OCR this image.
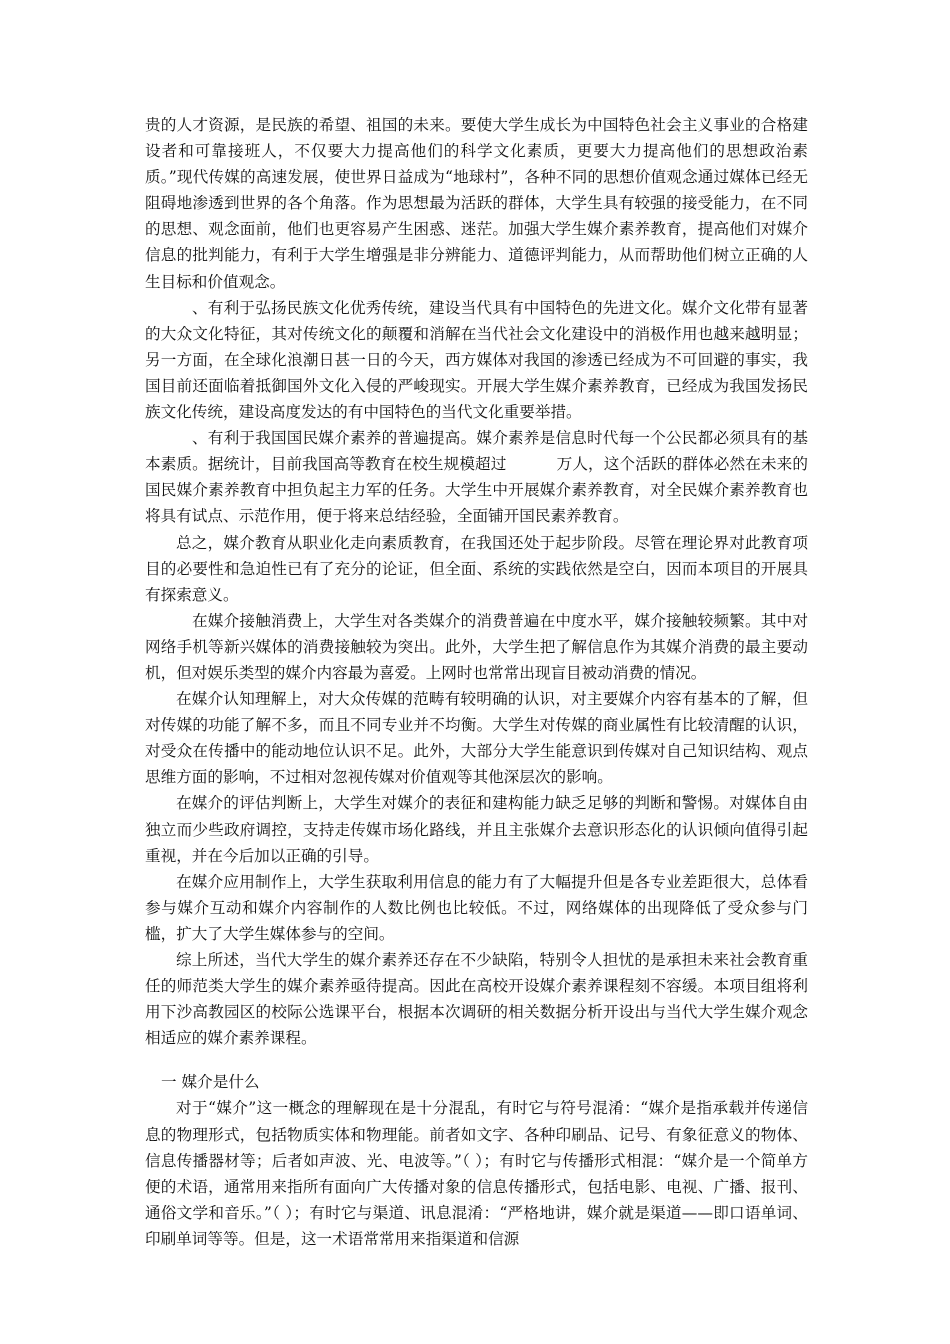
贵的人才资源，是民族的希望、祖国的未来。要使大学生成长为中国特色社会主义事业的合格建设者和可靠接班人，不仅要大力提高他们的科学文化素质，更要大力提高他们的思想政治素质。”现代传媒的高速发展，使世界日益成为“地球村”，各种不同的思想价值观念通过媒体已经无阻碍地渗透到世界的各个角落。作为思想最为活跃的群体，大学生具有较强的接受能力，在不同的思想、观念面前，他们也更容易产生困惑、迷茫。加强大学生媒介素养教育，提高他们对媒介信息的批判能力，有利于大学生增强是非分辨能力、道德评判能力，从而帮助他们树立正确的人生目标和价值观念。

、有利于弘扬民族文化优秀传统，建设当代具有中国特色的先进文化。媒介文化带有显著的大众文化特征，其对传统文化的颠覆和消解在当代社会文化建设中的消极作用也越来越明显；另一方面，在全球化浪潮日甚一日的今天，西方媒体对我国的渗透已经成为不可回避的事实，我国目前还面临着抵御国外文化入侵的严峻现实。开展大学生媒介素养教育，已经成为我国发扬民族文化传统，建设高度发达的有中国特色的当代文化重要举措。

、有利于我国国民媒介素养的普遍提高。媒介素养是信息时代每一个公民都必须具有的基本素质。据统计，目前我国高等教育在校生规模超过	万人，这个活跃的群体必然在未来的国民媒介素养教育中担负起主力军的任务。大学生中开展媒介素养教育，对全民媒介素养教育也将具有试点、示范作用，便于将来总结经验，全面铺开国民素养教育。

总之，媒介教育从职业化走向素质教育，在我国还处于起步阶段。尽管在理论界对此教育项目的必要性和急迫性已有了充分的论证，但全面、系统的实践依然是空白，因而本项目的开展具有探索意义。

在媒介接触消费上，大学生对各类媒介的消费普遍在中度水平，媒介接触较频繁。其中对网络手机等新兴媒体的消费接触较为突出。此外，大学生把了解信息作为其媒介消费的最主要动机，但对娱乐类型的媒介内容最为喜爱。上网时也常常出现盲目被动消费的情况。

在媒介认知理解上，对大众传媒的范畴有较明确的认识，对主要媒介内容有基本的了解，但对传媒的功能了解不多，而且不同专业并不均衡。大学生对传媒的商业属性有比较清醒的认识，对受众在传播中的能动地位认识不足。此外，大部分大学生能意识到传媒对自己知识结构、观点思维方面的影响，不过相对忽视传媒对价值观等其他深层次的影响。

在媒介的评估判断上，大学生对媒介的表征和建构能力缺乏足够的判断和警惕。对媒体自由独立而少些政府调控，支持走传媒市场化路线，并且主张媒介去意识形态化的认识倾向值得引起重视，并在今后加以正确的引导。

在媒介应用制作上，大学生获取利用信息的能力有了大幅提升但是各专业差距很大，总体看参与媒介互动和媒介内容制作的人数比例也比较低。不过，网络媒体的出现降低了受众参与门槛，扩大了大学生媒体参与的空间。

综上所述，当代大学生的媒介素养还存在不少缺陷，特别令人担忧的是承担未来社会教育重任的师范类大学生的媒介素养亟待提高。因此在高校开设媒介素养课程刻不容缓。本项目组将利用下沙高教园区的校际公选课平台，根据本次调研的相关数据分析开设出与当代大学生媒介观念相适应的媒介素养课程。

一 媒介是什么

对于“媒介”这一概念的理解现在是十分混乱，有时它与符号混淆：“媒介是指承载并传递信息的物理形式，包括物质实体和物理能。前者如文字、各种印刷品、记号、有象征意义的物体、信息传播器材等；后者如声波、光、电波等。”（ ）；有时它与传播形式相混：“媒介是一个简单方便的术语，通常用来指所有面向广大传播对象的信息传播形式，包括电影、电视、广播、报刊、通俗文学和音乐。”（ ）；有时它与渠道、讯息混淆：“严格地讲，媒介就是渠道——即口语单词、印刷单词等等。但是，这一术语常常用来指渠道和信源
